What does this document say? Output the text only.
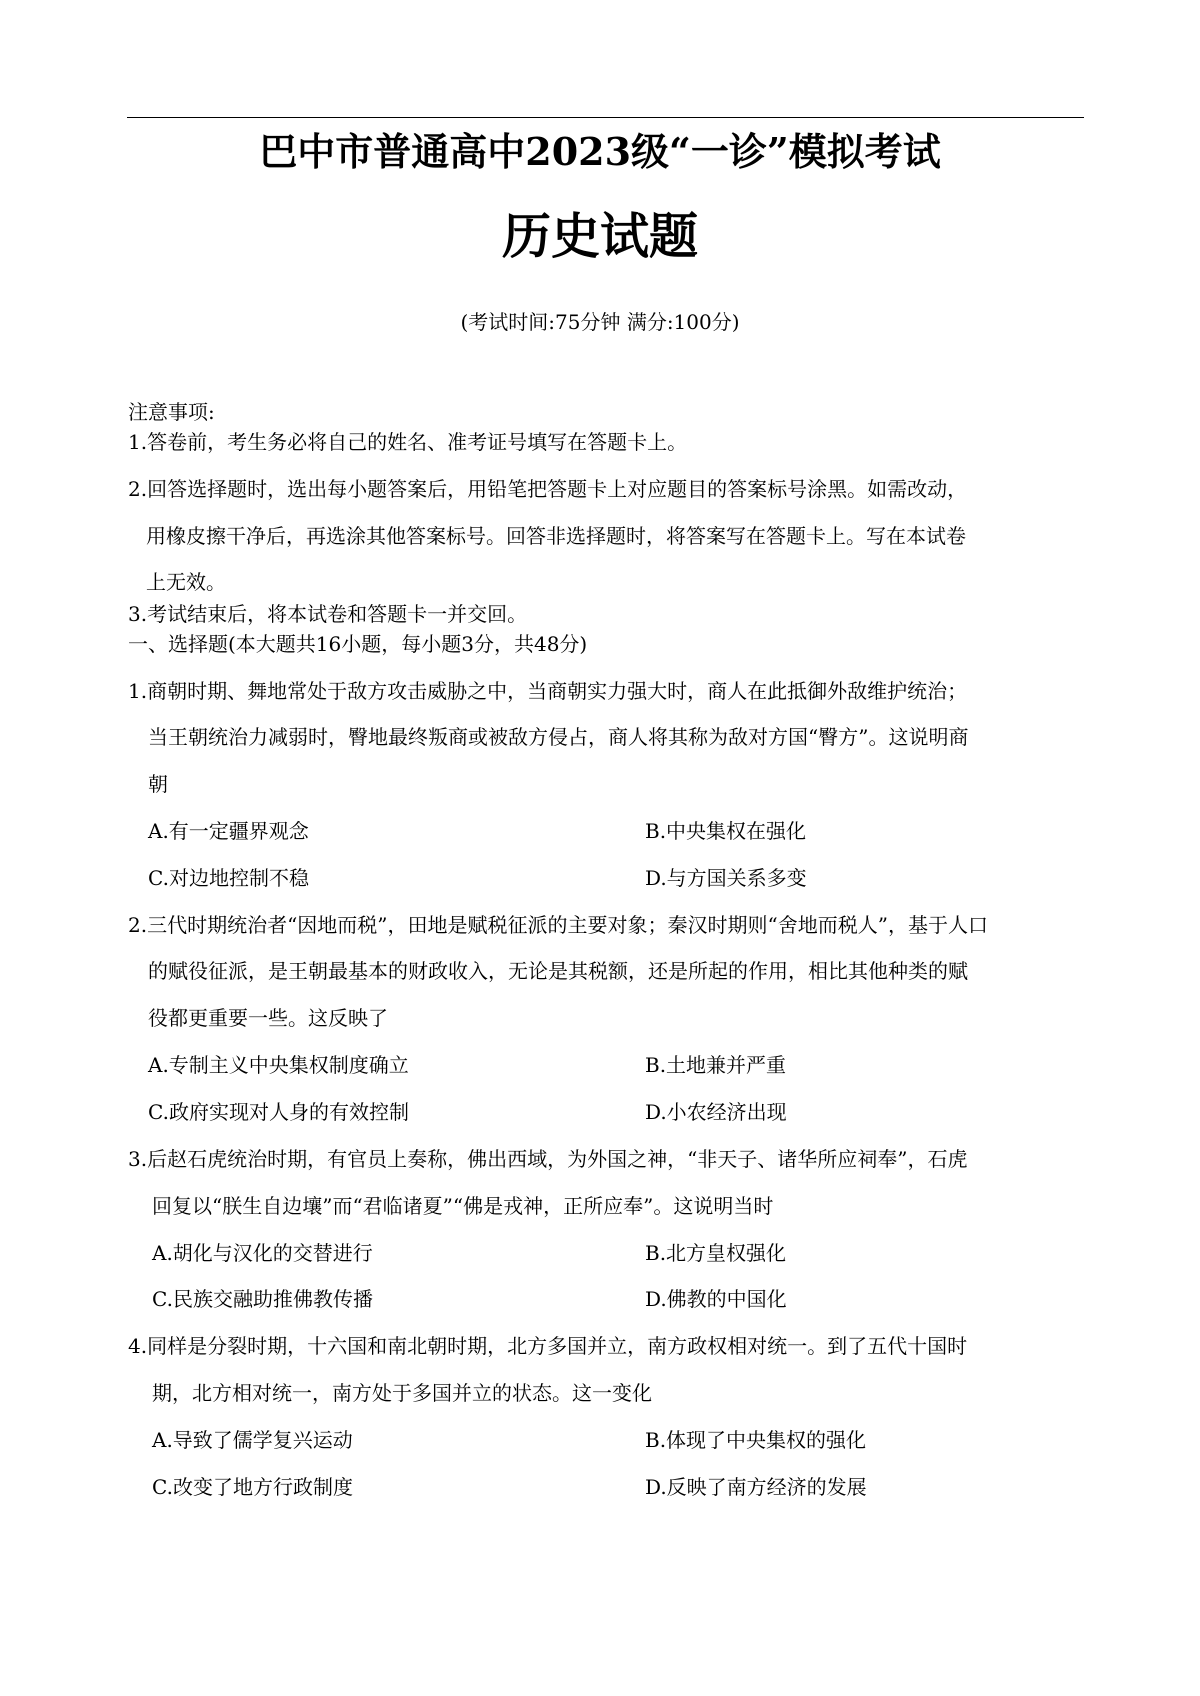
巴中市普通高中2023级“一诊”模拟考试
历史试题
(考试时间:75分钟 满分:100分)
注意事项:
1.答卷前，考生务必将自己的姓名、准考证号填写在答题卡上。
2.回答选择题时，选出每小题答案后，用铅笔把答题卡上对应题目的答案标号涂黑。如需改动，
用橡皮擦干净后，再选涂其他答案标号。回答非选择题时，将答案写在答题卡上。写在本试卷
上无效。
3.考试结束后，将本试卷和答题卡一并交回。
一、选择题(本大题共16小题，每小题3分，共48分)
1.商朝时期、舞地常处于敌方攻击威胁之中，当商朝实力强大时，商人在此抵御外敌维护统治；
当王朝统治力减弱时，臀地最终叛商或被敌方侵占，商人将其称为敌对方国“臀方”。这说明商
朝
A.有一定疆界观念	B.中央集权在强化
C.对边地控制不稳	D.与方国关系多变
2.三代时期统治者“因地而税”，田地是赋税征派的主要对象；秦汉时期则“舍地而税人”，基于人口
的赋役征派，是王朝最基本的财政收入，无论是其税额，还是所起的作用，相比其他种类的赋
役都更重要一些。这反映了
A.专制主义中央集权制度确立	B.土地兼并严重
C.政府实现对人身的有效控制	D.小农经济出现
3.后赵石虎统治时期，有官员上奏称，佛出西域，为外国之神，“非天子、诸华所应祠奉”，石虎
回复以“朕生自边壤”而“君临诸夏”“佛是戎神，正所应奉”。这说明当时
A.胡化与汉化的交替进行	B.北方皇权强化
C.民族交融助推佛教传播	D.佛教的中国化
4.同样是分裂时期，十六国和南北朝时期，北方多国并立，南方政权相对统一。到了五代十国时
期，北方相对统一，南方处于多国并立的状态。这一变化
A.导致了儒学复兴运动	B.体现了中央集权的强化
C.改变了地方行政制度	D.反映了南方经济的发展
